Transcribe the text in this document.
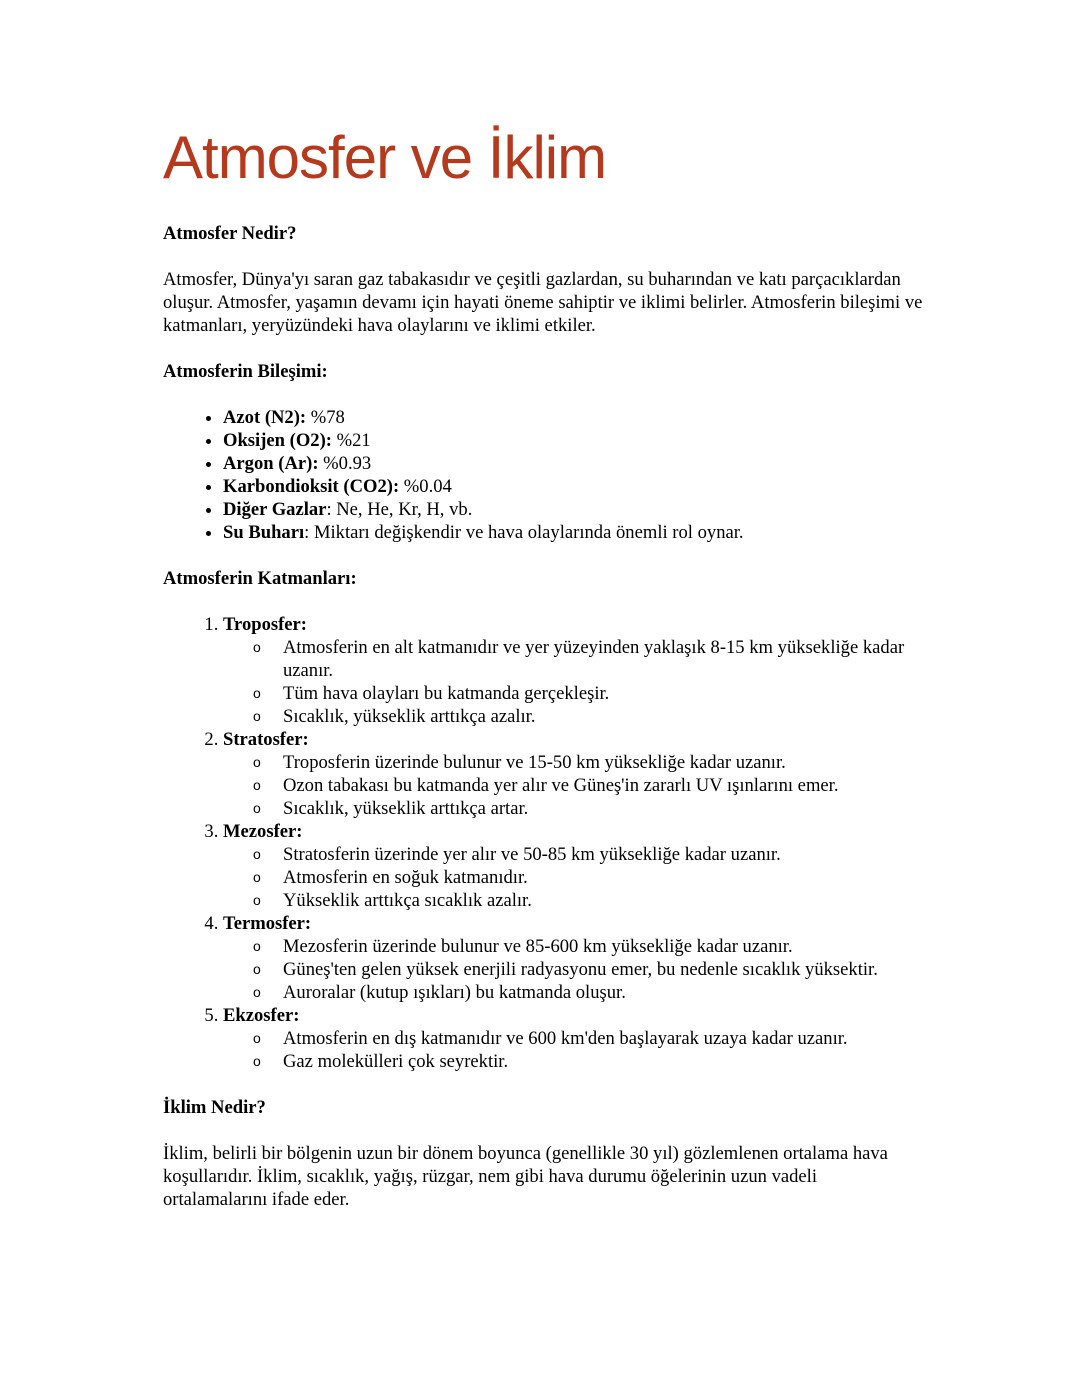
Atmosfer ve İklim
Atmosfer Nedir?

Atmosfer, Dünya'yı saran gaz tabakasıdır ve çeşitli gazlardan, su buharından ve katı parçacıklardan oluşur. Atmosfer, yaşamın devamı için hayati öneme sahiptir ve iklimi belirler. Atmosferin bileşimi ve katmanları, yeryüzündeki hava olaylarını ve iklimi etkiler.

Atmosferin Bileşimi:
• Azot (N2): %78
• Oksijen (O2): %21
• Argon (Ar): %0.93
• Karbondioksit (CO2): %0.04
• Diğer Gazlar: Ne, He, Kr, H, vb.
• Su Buharı: Miktarı değişkendir ve hava olaylarında önemli rol oynar.
Atmosferin Katmanları:
1. Troposfer:
o Atmosferin en alt katmanıdır ve yer yüzeyinden yaklaşık 8-15 km yüksekliğe kadar uzanır.
o Tüm hava olayları bu katmanda gerçekleşir.
o Sıcaklık, yükseklik arttıkça azalır.
2. Stratosfer:
o Troposferin üzerinde bulunur ve 15-50 km yüksekliğe kadar uzanır.
o Ozon tabakası bu katmanda yer alır ve Güneş'in zararlı UV ışınlarını emer.
o Sıcaklık, yükseklik arttıkça artar.
3. Mezosfer:
o Stratosferin üzerinde yer alır ve 50-85 km yüksekliğe kadar uzanır.
o Atmosferin en soğuk katmanıdır.
o Yükseklik arttıkça sıcaklık azalır.
4. Termosfer:
o Mezosferin üzerinde bulunur ve 85-600 km yüksekliğe kadar uzanır.
o Güneş'ten gelen yüksek enerjili radyasyonu emer, bu nedenle sıcaklık yüksektir.
o Auroralar (kutup ışıkları) bu katmanda oluşur.
5. Ekzosfer:
o Atmosferin en dış katmanıdır ve 600 km'den başlayarak uzaya kadar uzanır.
o Gaz molekülleri çok seyrektir.
İklim Nedir?

İklim, belirli bir bölgenin uzun bir dönem boyunca (genellikle 30 yıl) gözlemlenen ortalama hava koşullarıdır. İklim, sıcaklık, yağış, rüzgar, nem gibi hava durumu öğelerinin uzun vadeli ortalamalarını ifade eder.
